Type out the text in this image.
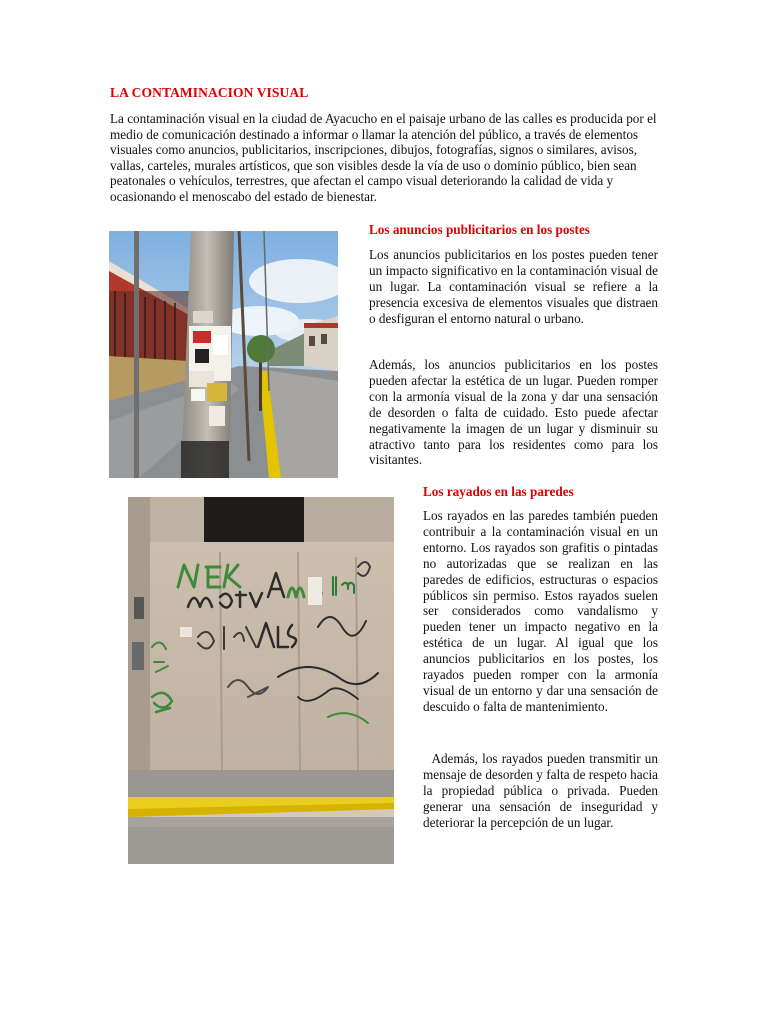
LA CONTAMINACION VISUAL

La contaminación visual en la ciudad de Ayacucho en el paisaje urbano de las calles es producida por el medio de comunicación destinado a informar o llamar la atención del público, a través de elementos visuales como anuncios, publicitarios, inscripciones, dibujos, fotografías, signos o similares, avisos, vallas, carteles, murales artísticos, que son visibles desde la vía de uso o dominio público, bien sean peatonales o vehículos, terrestres, que afectan el campo visual deteriorando la calidad de vida y ocasionando el menoscabo del estado de bienestar.

Los anuncios publicitarios en los postes

Los anuncios publicitarios en los postes pueden tener un impacto significativo en la contaminación visual de un lugar. La contaminación visual se refiere a la presencia excesiva de elementos visuales que distraen o desfiguran el entorno natural o urbano.

Además, los anuncios publicitarios en los postes pueden afectar la estética de un lugar. Pueden romper con la armonía visual de la zona y dar una sensación de desorden o falta de cuidado. Esto puede afectar negativamente la imagen de un lugar y disminuir su atractivo tanto para los residentes como para los visitantes.

Los rayados en las paredes

Los rayados en las paredes también pueden contribuir a la contaminación visual en un entorno. Los rayados son grafitis o pintadas no autorizadas que se realizan en las paredes de edificios, estructuras o espacios públicos sin permiso. Estos rayados suelen ser considerados como vandalismo y pueden tener un impacto negativo en la estética de un lugar. Al igual que los anuncios publicitarios en los postes, los rayados pueden romper con la armonía visual de un entorno y dar una sensación de descuido o falta de mantenimiento.

Además, los rayados pueden transmitir un mensaje de desorden y falta de respeto hacia la propiedad pública o privada. Pueden generar una sensación de inseguridad y deteriorar la percepción de un lugar.
